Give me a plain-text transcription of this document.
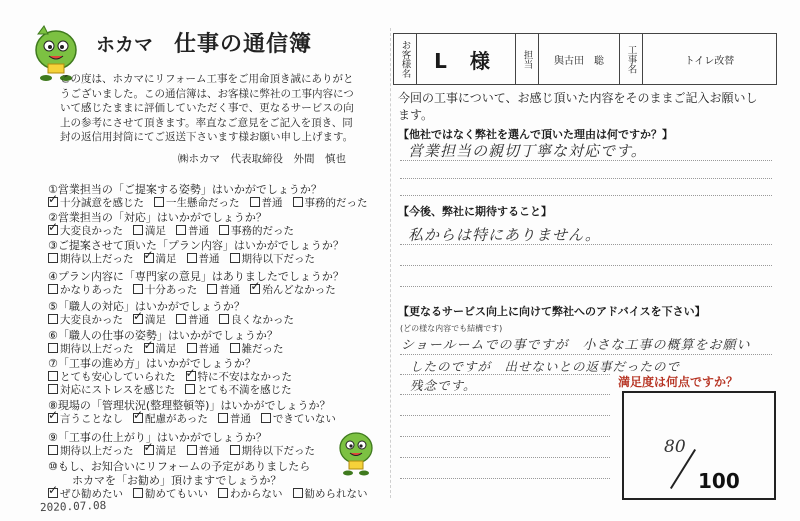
ホカマ 仕事の通信簿
この度は、ホカマにリフォーム工事をご用命頂き誠にありがとうございました。この通信簿は、お客様に弊社の工事内容について感じたままに評価していただく事で、更なるサービスの向上の参考にさせて頂きます。率直なご意見をご記入を頂き、同封の返信用封筒にてご返送下さいます様お願い申し上げます。
㈱ホカマ　代表取締役　外間　慎也
①営業担当の「ご提案する姿勢」はいかがでしょうか？
✓十分誠意を感じた 一生懸命だった 普通 事務的だった
②営業担当の「対応」はいかがでしょうか？
✓大変良かった 満足 普通 事務的だった
③ご提案させて頂いた「プラン内容」はいかがでしょうか？
期待以上だった ✓ 満足 普通 期待以下だった
④プラン内容に「専門家の意見」はありましたでしょうか？
かなりあった 十分あった 普通 ✓ 殆んどなかった
⑤「職人の対応」はいかがでしょうか？
大変良かった ✓ 満足 普通 良くなかった
⑥「職人の仕事の姿勢」はいかがでしょうか？
期待以上だった ✓ 満足 普通 雑だった
⑦「工事の進め方」はいかがでしょうか？
とても安心していられた ✓ 特に不安はなかった
対応にストレスを感じた とても不満を感じた
⑧現場の「管理状況(整理整頓等)」はいかがでしょうか？
✓言うことなし ✓ 配慮があった 普通 できていない
⑨「工事の仕上がり」はいかがでしょうか？
期待以上だった ✓ 満足 普通 期待以下だった
⑩もし、お知合いにリフォームの予定がありましたら
ホカマを「お勧め」頂けますでしょうか？
✓ぜひ勧めたい 勧めてもいい わからない 勧められない
2020.07.08
お客様名 L 様 担当 與古田　聡 工事名	トイレ改替
今回の工事について、お感じ頂いた内容をそのままご記入お願いします。
【他社ではなく弊社を選んで頂いた理由は何ですか？】
営業担当の親切丁寧な対応です。
【今後、弊社に期待すること】
私からは特にありません。
【更なるサービス向上に向けて弊社へのアドバイスを下さい】
(どの様な内容でも結構です)
ショールームでの事ですが　小さな工事の概算をお願い
したのですが　出せないとの返事だったので
残念です。	満足度は何点ですか？
80
100
